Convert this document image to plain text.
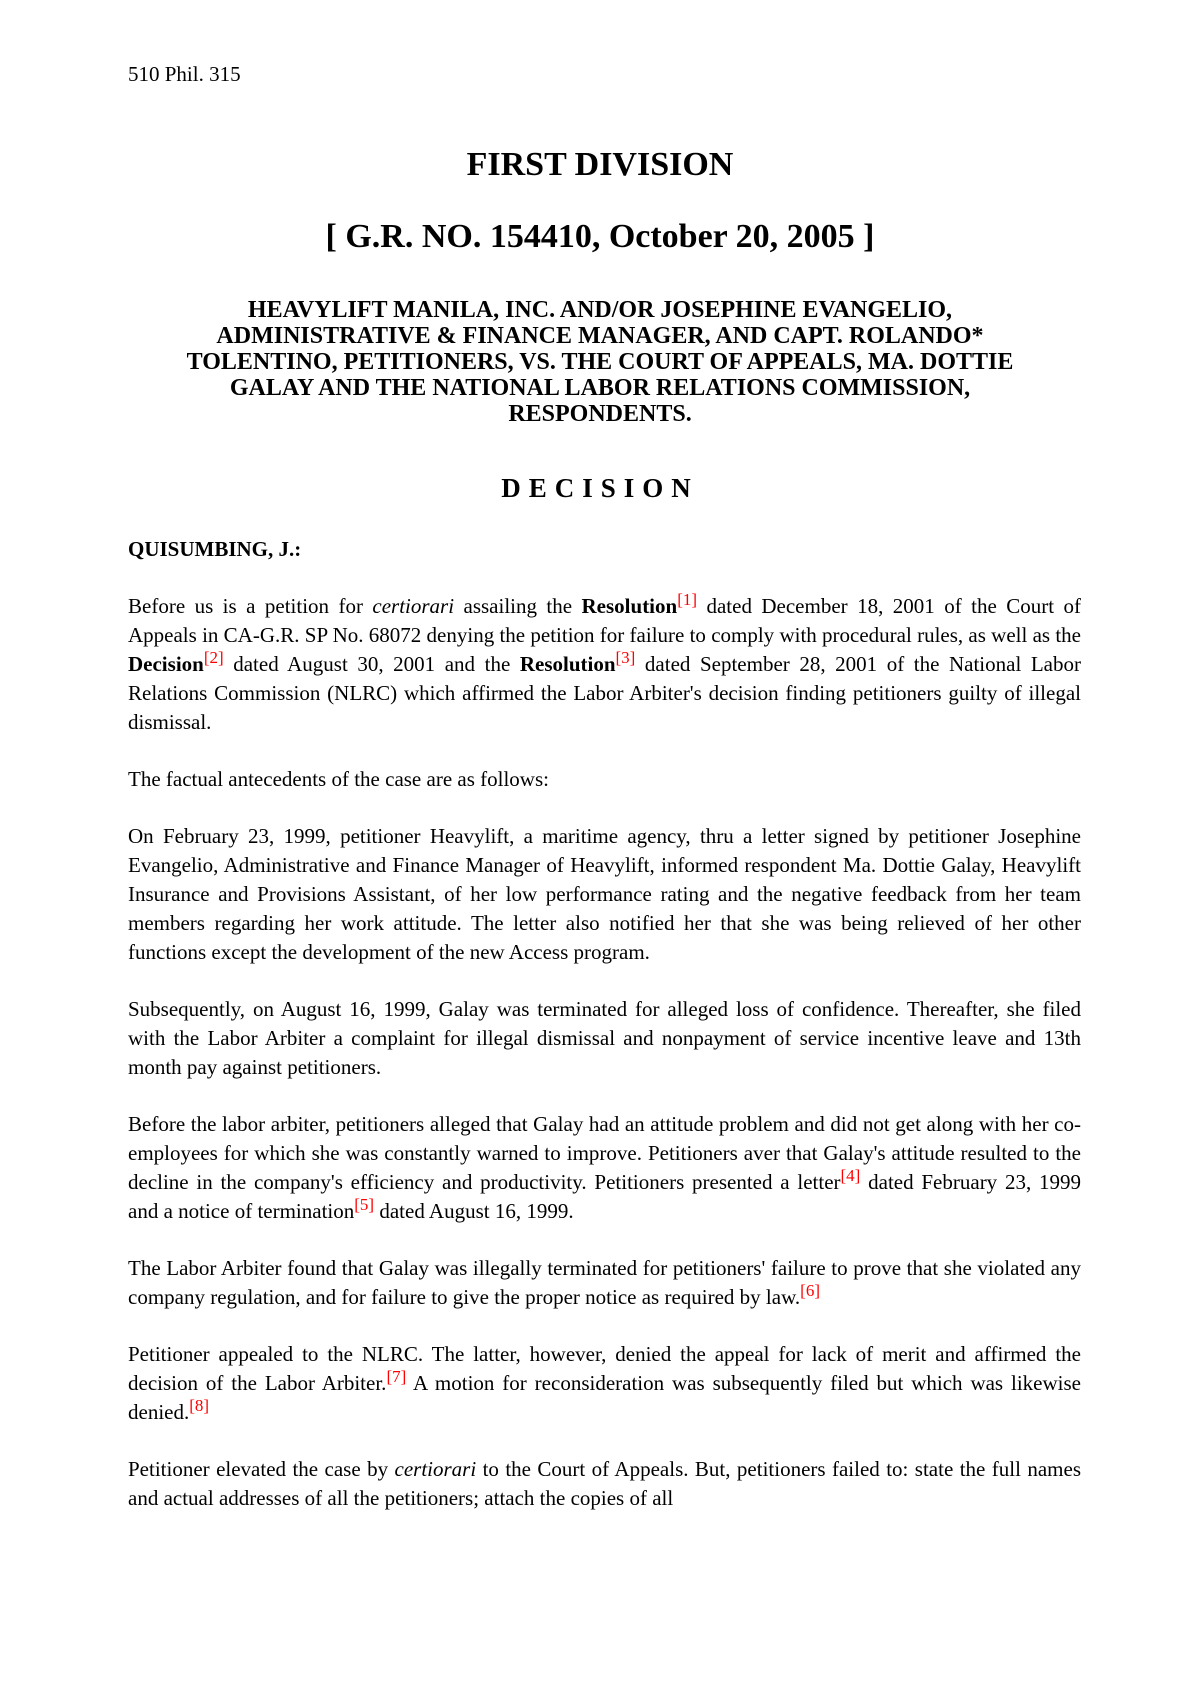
510 Phil. 315
FIRST DIVISION
[ G.R. NO. 154410, October 20, 2005 ]
HEAVYLIFT MANILA, INC. AND/OR JOSEPHINE EVANGELIO, ADMINISTRATIVE & FINANCE MANAGER, AND CAPT. ROLANDO* TOLENTINO, PETITIONERS, VS. THE COURT OF APPEALS, MA. DOTTIE GALAY AND THE NATIONAL LABOR RELATIONS COMMISSION, RESPONDENTS.
DECISION
QUISUMBING, J.:

Before us is a petition for certiorari assailing the Resolution[1] dated December 18, 2001 of the Court of Appeals in CA-G.R. SP No. 68072 denying the petition for failure to comply with procedural rules, as well as the Decision[2] dated August 30, 2001 and the Resolution[3] dated September 28, 2001 of the National Labor Relations Commission (NLRC) which affirmed the Labor Arbiter's decision finding petitioners guilty of illegal dismissal.

The factual antecedents of the case are as follows:

On February 23, 1999, petitioner Heavylift, a maritime agency, thru a letter signed by petitioner Josephine Evangelio, Administrative and Finance Manager of Heavylift, informed respondent Ma. Dottie Galay, Heavylift Insurance and Provisions Assistant, of her low performance rating and the negative feedback from her team members regarding her work attitude. The letter also notified her that she was being relieved of her other functions except the development of the new Access program.

Subsequently, on August 16, 1999, Galay was terminated for alleged loss of confidence. Thereafter, she filed with the Labor Arbiter a complaint for illegal dismissal and nonpayment of service incentive leave and 13th month pay against petitioners.

Before the labor arbiter, petitioners alleged that Galay had an attitude problem and did not get along with her co-employees for which she was constantly warned to improve. Petitioners aver that Galay's attitude resulted to the decline in the company's efficiency and productivity. Petitioners presented a letter[4] dated February 23, 1999 and a notice of termination[5] dated August 16, 1999.

The Labor Arbiter found that Galay was illegally terminated for petitioners' failure to prove that she violated any company regulation, and for failure to give the proper notice as required by law.[6]

Petitioner appealed to the NLRC. The latter, however, denied the appeal for lack of merit and affirmed the decision of the Labor Arbiter.[7] A motion for reconsideration was subsequently filed but which was likewise denied.[8]

Petitioner elevated the case by certiorari to the Court of Appeals. But, petitioners failed to: state the full names and actual addresses of all the petitioners; attach the copies of all
